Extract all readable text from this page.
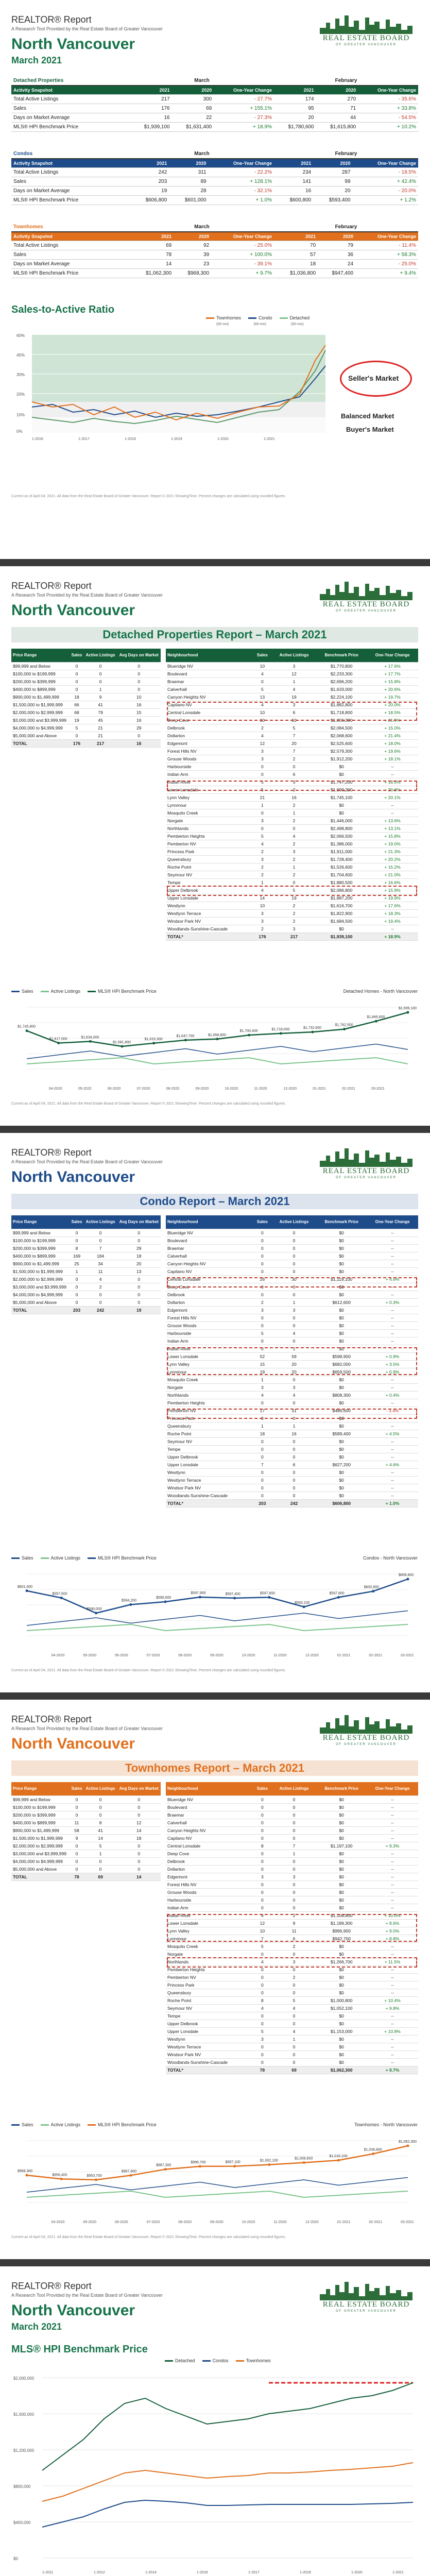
REALTOR® Report
A Research Tool Provided by the Real Estate Board of Greater Vancouver
North Vancouver
March 2021
REAL ESTATE BOARD
OF GREATER VANCOUVER
Detached Properties	March			February		
Activity Snapshot	2021	2020	One-Year Change	2021	2020	One-Year Change
Total Active Listings	217	300	- 27.7%	174	270	- 35.6%
Sales	176	69	+ 155.1%	95	71	+ 33.8%
Days on Market Average	16	22	- 27.3%	20	44	- 54.5%
MLS® HPI Benchmark Price	$1,939,100	$1,631,400	+ 18.9%	$1,780,600	$1,615,800	+ 10.2%
Condos	March			February		
Activity Snapshot	2021	2020	One-Year Change	2021	2020	One-Year Change
Total Active Listings	242	311	- 22.2%	234	287	- 18.5%
Sales	203	89	+ 128.1%	141	99	+ 42.4%
Days on Market Average	19	28	- 32.1%	16	20	- 20.0%
MLS® HPI Benchmark Price	$606,800	$601,000	+ 1.0%	$600,800	$593,400	+ 1.2%
Townhomes	March			February		
Activity Snapshot	2021	2020	One-Year Change	2021	2020	One-Year Change
Total Active Listings	69	92	- 25.0%	70	79	- 11.4%
Sales	78	39	+ 100.0%	57	36	+ 58.3%
Days on Market Average	14	23	- 39.1%	18	24	- 25.0%
MLS® HPI Benchmark Price	$1,062,300	$968,300	+ 9.7%	$1,036,800	$947,400	+ 9.4%
Sales-to-Active Ratio
Townhomes	Condo	Detached
(60-mo)	(60-mo)	(60-mo)
60%
45%
30%
20%
10%
0%
1-2016	1-2017	1-2018	1-2019	1-2020	1-2021
Seller's Market
Balanced Market
Buyer's Market
Current as of April 04, 2021. All data from the Real Estate Board of Greater Vancouver. Report © 2021 ShowingTime. Percent changes are calculated using rounded figures.
REALTOR® Report
A Research Tool Provided by the Real Estate Board of Greater Vancouver
North Vancouver	REAL ESTATE BOARD
OF GREATER VANCOUVER
Detached Properties Report – March 2021
Price Range	Sales	Active Listings	Avg Days on Market
$99,999 and Below	0	0	0
$100,000 to $199,999	0	0	0
$200,000 to $399,999	0	0	0
$400,000 to $899,999	0	1	0
$900,000 to $1,499,999	18	9	10
$1,500,000 to $1,999,999	66	41	16
$2,000,000 to $2,999,999	68	79	15
$3,000,000 and $3,999,999	19	45	16
$4,000,000 to $4,999,999	5	21	29
$5,000,000 and Above	0	21	0
TOTAL	176	217	16
Neighbourhood	Sales	Active Listings	Benchmark Price	One-Year Change
Blueridge NV	10	3	$1,770,800	+ 17.6%
Boulevard	4	12	$2,233,300	+ 17.7%
Braemar	0	1	$2,696,200	+ 15.8%
Calverhall	5	4	$1,633,000	+ 20.6%
Canyon Heights NV	13	19	$2,224,100	+ 19.7%
Capilano NV	4	3	$1,882,800	+ 20.0%
Central Lonsdale	10	6	$1,718,800	+ 18.5%
Deep Cove	10	10	$1,806,300	+ 21.9%
Delbrook	2	5	$2,084,500	+ 15.0%
Dollarton	4	7	$2,068,600	+ 21.4%
Edgemont	12	20	$2,525,600	+ 18.0%
Forest Hills NV	3	7	$2,579,300	+ 19.6%
Grouse Woods	3	2	$1,912,200	+ 18.1%
Harbourside	0	0	$0	--
Indian Arm	0	6	$0	--
Indian River	5	3	$1,747,200	+ 18.5%
Lower Lonsdale	5	2	$1,690,200	+ 20.8%
Lynn Valley	21	16	$1,745,100	+ 20.1%
Lynnmour	1	2	$0	--
Mosquito Creek	0	1	$0	--
Norgate	3	2	$1,446,000	+ 13.6%
Northlands	0	0	$2,498,800	+ 13.1%
Pemberton Heights	5	4	$2,066,500	+ 15.8%
Pemberton NV	4	2	$1,386,000	+ 19.0%
Princess Park	2	3	$1,911,000	+ 21.3%
Queensbury	3	2	$1,728,400	+ 20.2%
Roche Point	2	1	$1,526,600	+ 15.2%
Seymour NV	2	2	$1,704,600	+ 21.0%
Tempe	1	0	$1,880,500	+ 16.6%
Upper Delbrook	4	5	$2,086,800	+ 15.9%
Upper Lonsdale	14	19	$1,887,200	+ 19.9%
Westlynn	10	2	$1,616,700	+ 17.6%
Westlynn Terrace	3	2	$1,822,900	+ 18.3%
Windsor Park NV	3	2	$1,684,500	+ 19.4%
Woodlands-Sunshine-Cascade	2	3	$0	--
TOTAL*	176	217	$1,939,100	+ 18.9%
Sales	Active Listings	MLS® HPI Benchmark Price	Detached Homes - North Vancouver
$1,745,800
$1,617,000	$1,634,000
$1,581,800
$1,615,300
$1,647,700	$1,658,800
$1,700,400	$1,718,000	$1,732,600
$1,762,500
$1,846,600
$1,939,100
04-2020	05-2020	06-2020	07-2020	08-2020	09-2020	10-2020	11-2020	12-2020	01-2021	02-2021	03-2021
Current as of April 04, 2021. All data from the Real Estate Board of Greater Vancouver. Report © 2021 ShowingTime. Percent changes are calculated using rounded figures.
REALTOR® Report
A Research Tool Provided by the Real Estate Board of Greater Vancouver
North Vancouver	REAL ESTATE BOARD
OF GREATER VANCOUVER
Condo Report – March 2021
Price Range	Sales	Active Listings	Avg Days on Market
$99,999 and Below	0	0	0
$100,000 to $199,999	0	0	0
$200,000 to $399,999	8	7	29
$400,000 to $899,999	169	184	18
$900,000 to $1,499,999	25	34	20
$1,500,000 to $1,999,999	1	11	13
$2,000,000 to $2,999,999	0	4	0
$3,000,000 and $3,999,999	0	2	0
$4,000,000 to $4,999,999	0	0	0
$5,000,000 and Above	0	0	0
TOTAL	203	242	19
Neighbourhood	Sales	Active Listings	Benchmark Price	One-Year Change
Blueridge NV	0	0	$0	--
Boulevard	0	0	$0	--
Braemar	0	0	$0	--
Calverhall	0	0	$0	--
Canyon Heights NV	0	0	$0	--
Capilano NV	0	0	$0	--
Central Lonsdale	26	30	$1,119,100	+ 4.6%
Deep Cove	0	0	$0	--
Delbrook	0	0	$0	--
Dollarton	2	1	$612,600	+ 0.3%
Edgemont	3	3	$0	--
Forest Hills NV	0	0	$0	--
Grouse Woods	0	0	$0	--
Harbourside	5	4	$0	--
Indian Arm	0	0	$0	--
Indian River	0	1	$0	--
Lower Lonsdale	52	59	$598,900	+ 0.9%
Lynn Valley	15	20	$682,000	+ 3.5%
Lynnmour	19	20	$659,500	+ 0.9%
Mosquito Creek	1	0	$0	--
Norgate	3	3	$0	--
Northlands	4	4	$808,300	+ 0.4%
Pemberton Heights	0	0	$0	--
Pemberton NV	17	31	$486,600	- 3.4%
Princess Park	0	0	$0	--
Queensbury	1	1	$0	--
Roche Point	18	16	$589,400	+ 4.5%
Seymour NV	0	0	$0	--
Tempe	0	0	$0	--
Upper Delbrook	0	0	$0	--
Upper Lonsdale	7	6	$627,200	+ 4.6%
Westlynn	0	0	$0	--
Westlynn Terrace	0	0	$0	--
Windsor Park NV	0	0	$0	--
Woodlands-Sunshine-Cascade	0	0	$0	--
TOTAL*	203	242	$606,800	+ 1.0%
Sales	Active Listings	MLS® HPI Benchmark Price	Condos - North Vancouver
$601,000
$597,500
$590,000
$594,200
$595,600
$597,900	$597,400	$597,800
$593,100
$597,800
$600,800
$606,800
04-2020	05-2020	06-2020	07-2020	08-2020	09-2020	10-2020	11-2020	12-2020	01-2021	02-2021	03-2021
Current as of April 04, 2021. All data from the Real Estate Board of Greater Vancouver. Report © 2021 ShowingTime. Percent changes are calculated using rounded figures.
REALTOR® Report
A Research Tool Provided by the Real Estate Board of Greater Vancouver
North Vancouver	REAL ESTATE BOARD
OF GREATER VANCOUVER
Townhomes Report – March 2021
Price Range	Sales	Active Listings	Avg Days on Market
$99,999 and Below	0	0	0
$100,000 to $199,999	0	0	0
$200,000 to $399,999	0	0	0
$400,000 to $899,999	11	8	12
$900,000 to $1,499,999	58	41	14
$1,500,000 to $1,999,999	9	14	18
$2,000,000 to $2,999,999	0	5	0
$3,000,000 and $3,999,999	0	1	0
$4,000,000 to $4,999,999	0	0	0
$5,000,000 and Above	0	0	0
TOTAL	78	69	14
Neighbourhood	Sales	Active Listings	Benchmark Price	One-Year Change
Blueridge NV	0	0	$0	--
Boulevard	0	0	$0	--
Braemar	0	0	$0	--
Calverhall	0	0	$0	--
Canyon Heights NV	0	0	$0	--
Capilano NV	0	0	$0	--
Central Lonsdale	8	7	$1,197,100	+ 9.3%
Deep Cove	0	1	$0	--
Delbrook	0	0	$0	--
Dollarton	0	0	$0	--
Edgemont	3	3	$0	--
Forest Hills NV	0	0	$0	--
Grouse Woods	0	0	$0	--
Harbourside	0	0	$0	--
Indian Arm	0	0	$0	--
Indian River	4	2	$1,106,800	+ 10.0%
Lower Lonsdale	12	9	$1,189,300	+ 8.6%
Lynn Valley	10	11	$996,900	+ 9.0%
Lynnmour	7	6	$942,700	+ 8.8%
Mosquito Creek	5	2	$0	--
Norgate	0	0	$0	--
Northlands	4	3	$1,266,700	+ 11.5%
Pemberton Heights	0	0	$0	--
Pemberton NV	0	2	$0	--
Princess Park	0	0	$0	--
Queensbury	0	0	$0	--
Roche Point	8	5	$1,000,800	+ 10.4%
Seymour NV	4	4	$1,052,100	+ 9.8%
Tempe	0	0	$0	--
Upper Delbrook	0	0	$0	--
Upper Lonsdale	5	4	$1,153,000	+ 10.8%
Westlynn	3	1	$0	--
Westlynn Terrace	0	0	$0	--
Windsor Park NV	0	0	$0	--
Woodlands-Sunshine-Cascade	0	0	$0	--
TOTAL*	78	69	$1,062,300	+ 9.7%
Sales	Active Listings	MLS® HPI Benchmark Price	Townhomes - North Vancouver
$968,300
$956,400	$953,700
$967,900
$987,300
$996,700	$997,100	$1,002,100
$1,008,600
$1,016,100
$1,036,800
$1,062,300
04-2020	05-2020	06-2020	07-2020	08-2020	09-2020	10-2020	11-2020	12-2020	01-2021	02-2021	03-2021
Current as of April 04, 2021. All data from the Real Estate Board of Greater Vancouver. Report © 2021 ShowingTime. Percent changes are calculated using rounded figures.
REALTOR® Report
A Research Tool Provided by the Real Estate Board of Greater Vancouver
North Vancouver
March 2021
REAL ESTATE BOARD
OF GREATER VANCOUVER
MLS® HPI Benchmark Price
Detached	Condos	Townhomes
$2,000,000
$1,600,000
$1,200,000
$800,000
$400,000
$0
1-2011	1-2012	1-2014	1-2016	1-2017	1-2018	1-2020	1-2021
